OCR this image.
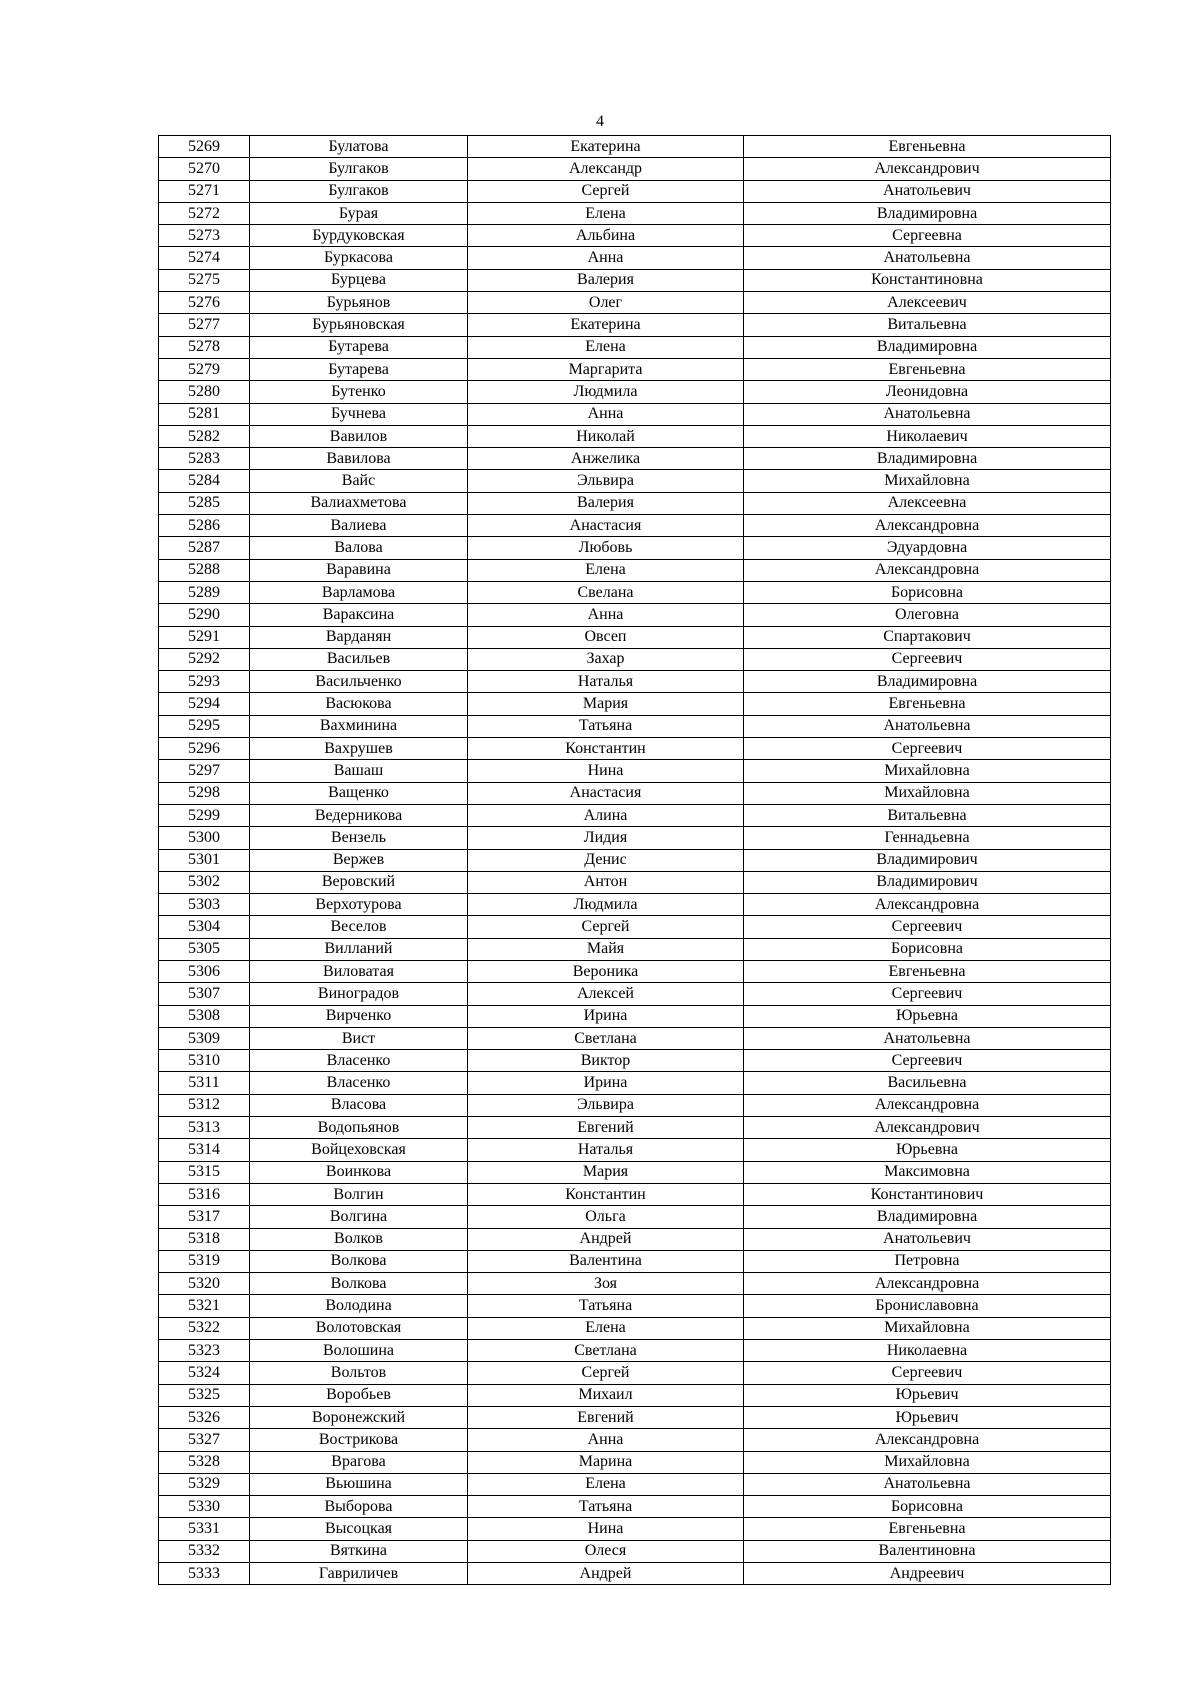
4
5269	Булатова	Екатерина	Евгеньевна
5270	Булгаков	Александр	Александрович
5271	Булгаков	Сергей	Анатольевич
5272	Бурая	Елена	Владимировна
5273	Бурдуковская	Альбина	Сергеевна
5274	Буркасова	Анна	Анатольевна
5275	Бурцева	Валерия	Константиновна
5276	Бурьянов	Олег	Алексеевич
5277	Бурьяновская	Екатерина	Витальевна
5278	Бутарева	Елена	Владимировна
5279	Бутарева	Маргарита	Евгеньевна
5280	Бутенко	Людмила	Леонидовна
5281	Бучнева	Анна	Анатольевна
5282	Вавилов	Николай	Николаевич
5283	Вавилова	Анжелика	Владимировна
5284	Вайс	Эльвира	Михайловна
5285	Валиахметова	Валерия	Алексеевна
5286	Валиева	Анастасия	Александровна
5287	Валова	Любовь	Эдуардовна
5288	Варавина	Елена	Александровна
5289	Варламова	Свелана	Борисовна
5290	Вараксина	Анна	Олеговна
5291	Варданян	Овсеп	Спартакович
5292	Васильев	Захар	Сергеевич
5293	Васильченко	Наталья	Владимировна
5294	Васюкова	Мария	Евгеньевна
5295	Вахминина	Татьяна	Анатольевна
5296	Вахрушев	Константин	Сергеевич
5297	Вашаш	Нина	Михайловна
5298	Ващенко	Анастасия	Михайловна
5299	Ведерникова	Алина	Витальевна
5300	Вензель	Лидия	Геннадьевна
5301	Вержев	Денис	Владимирович
5302	Веровский	Антон	Владимирович
5303	Верхотурова	Людмила	Александровна
5304	Веселов	Сергей	Сергеевич
5305	Вилланий	Майя	Борисовна
5306	Виловатая	Вероника	Евгеньевна
5307	Виноградов	Алексей	Сергеевич
5308	Вирченко	Ирина	Юрьевна
5309	Вист	Светлана	Анатольевна
5310	Власенко	Виктор	Сергеевич
5311	Власенко	Ирина	Васильевна
5312	Власова	Эльвира	Александровна
5313	Водопьянов	Евгений	Александрович
5314	Войцеховская	Наталья	Юрьевна
5315	Воинкова	Мария	Максимовна
5316	Волгин	Константин	Константинович
5317	Волгина	Ольга	Владимировна
5318	Волков	Андрей	Анатольевич
5319	Волкова	Валентина	Петровна
5320	Волкова	Зоя	Александровна
5321	Володина	Татьяна	Брониславовна
5322	Волотовская	Елена	Михайловна
5323	Волошина	Светлана	Николаевна
5324	Вольтов	Сергей	Сергеевич
5325	Воробьев	Михаил	Юрьевич
5326	Воронежский	Евгений	Юрьевич
5327	Вострикова	Анна	Александровна
5328	Врагова	Марина	Михайловна
5329	Вьюшина	Елена	Анатольевна
5330	Выборова	Татьяна	Борисовна
5331	Высоцкая	Нина	Евгеньевна
5332	Вяткина	Олеся	Валентиновна
5333	Гавриличев	Андрей	Андреевич
